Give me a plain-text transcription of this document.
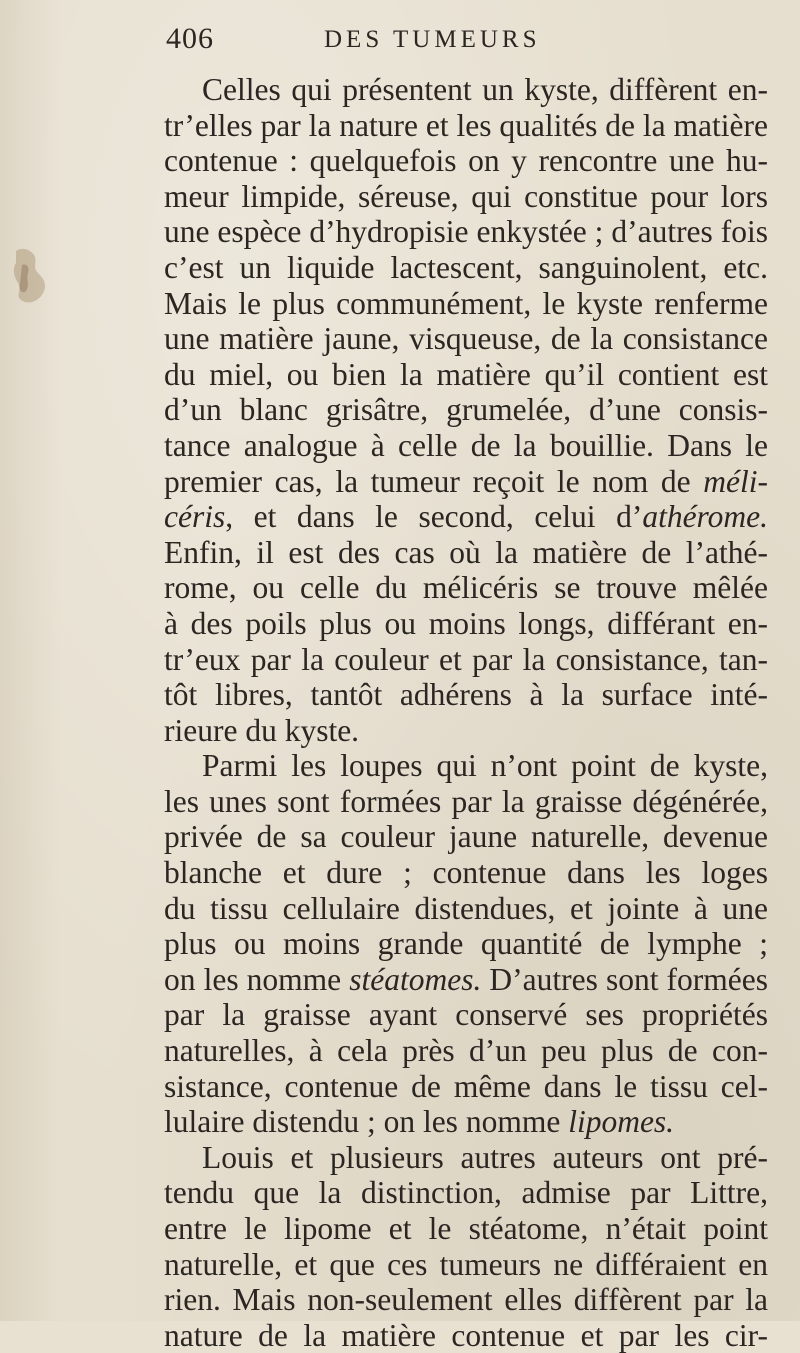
406	DES TUMEURS
Celles qui présentent un kyste, diffèrent en-
tr’elles par la nature et les qualités de la matière
contenue : quelquefois on y rencontre une hu-
meur limpide, séreuse, qui constitue pour lors
une espèce d’hydropisie enkystée ; d’autres fois
c’est un liquide lactescent, sanguinolent, etc.
Mais le plus communément, le kyste renferme
une matière jaune, visqueuse, de la consistance
du miel, ou bien la matière qu’il contient est
d’un blanc grisâtre, grumelée, d’une consis-
tance analogue à celle de la bouillie. Dans le
premier cas, la tumeur reçoit le nom de méli-
céris, et dans le second, celui d’athérome.
Enfin, il est des cas où la matière de l’athé-
rome, ou celle du mélicéris se trouve mêlée
à des poils plus ou moins longs, différant en-
tr’eux par la couleur et par la consistance, tan-
tôt libres, tantôt adhérens à la surface inté-
rieure du kyste.
Parmi les loupes qui n’ont point de kyste,
les unes sont formées par la graisse dégénérée,
privée de sa couleur jaune naturelle, devenue
blanche et dure ; contenue dans les loges
du tissu cellulaire distendues, et jointe à une
plus ou moins grande quantité de lymphe ;
on les nomme stéatomes. D’autres sont formées
par la graisse ayant conservé ses propriétés
naturelles, à cela près d’un peu plus de con-
sistance, contenue de même dans le tissu cel-
lulaire distendu ; on les nomme lipomes.
Louis et plusieurs autres auteurs ont pré-
tendu que la distinction, admise par Littre,
entre le lipome et le stéatome, n’était point
naturelle, et que ces tumeurs ne différaient en
rien. Mais non-seulement elles diffèrent par la
nature de la matière contenue et par les cir-
